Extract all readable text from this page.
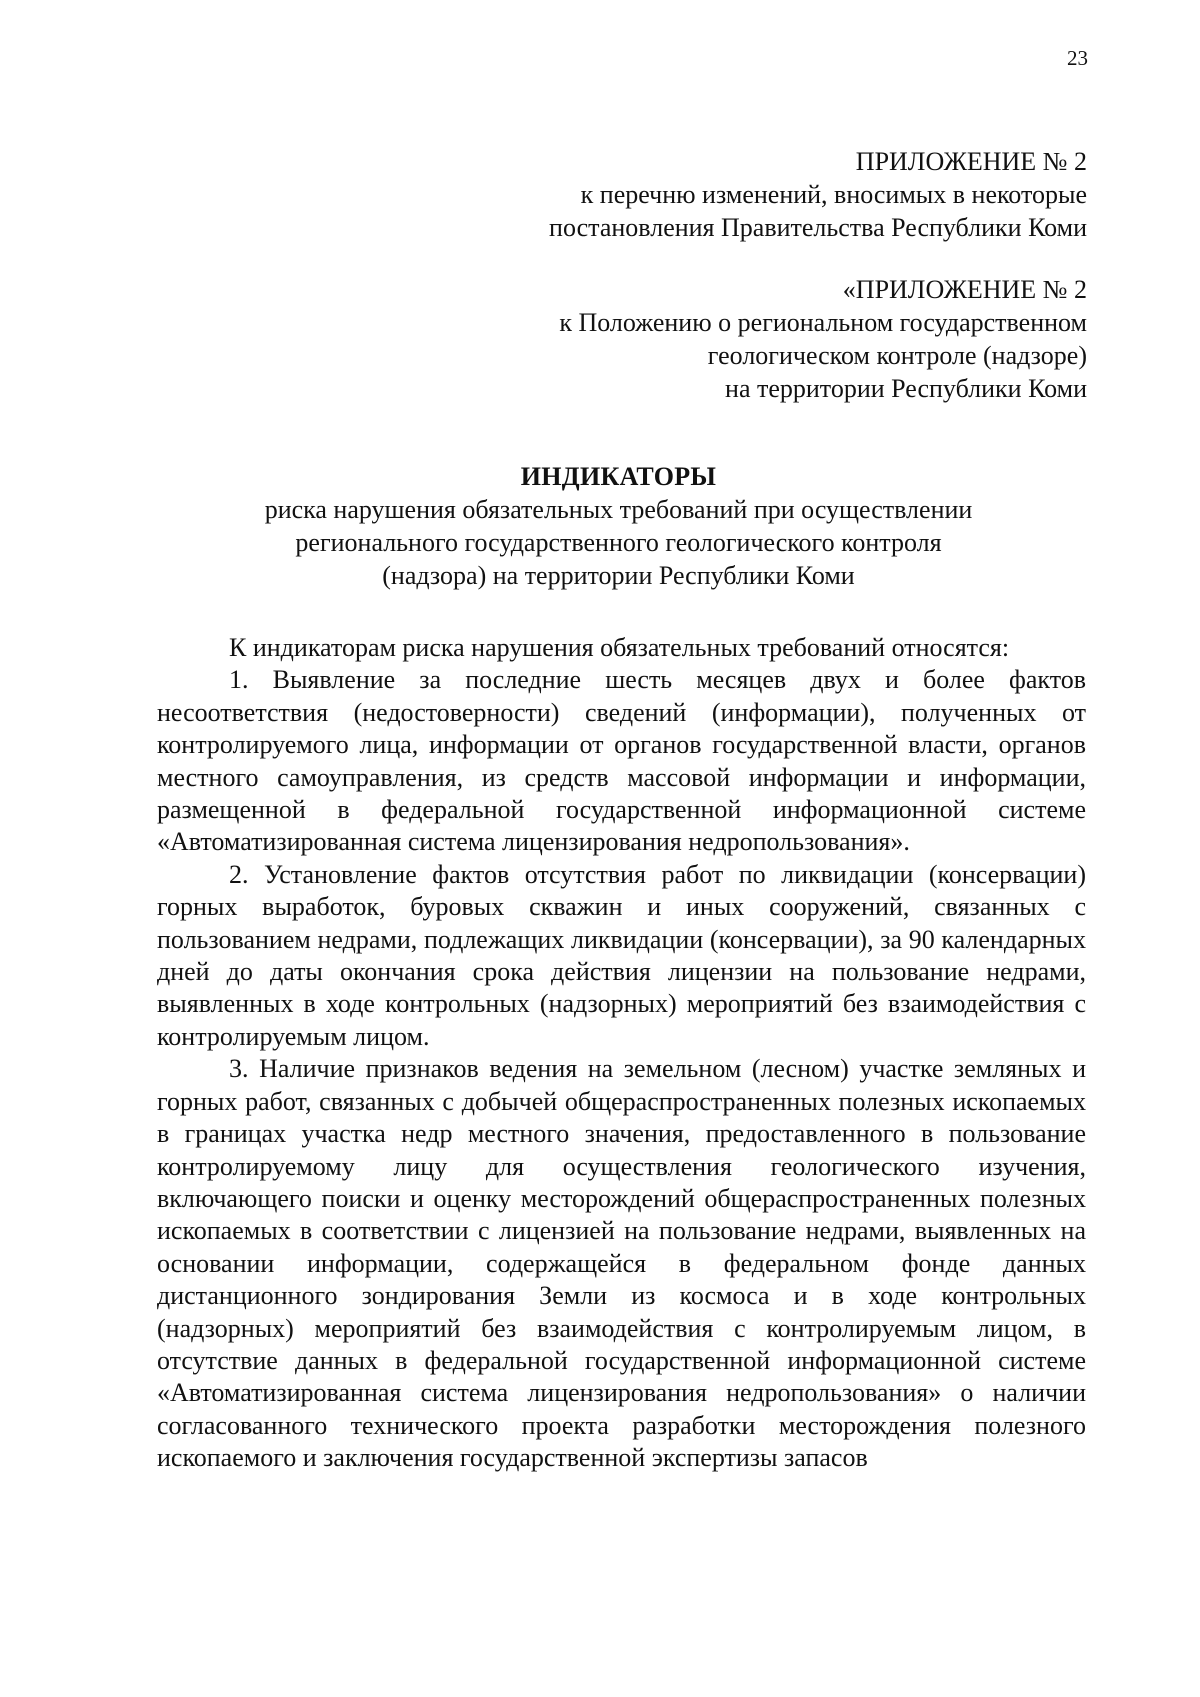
23
ПРИЛОЖЕНИЕ № 2
к перечню изменений, вносимых в некоторые
постановления Правительства Республики Коми
«ПРИЛОЖЕНИЕ № 2
к Положению о региональном государственном
геологическом контроле (надзоре)
на территории Республики Коми
ИНДИКАТОРЫ
риска нарушения обязательных требований при осуществлении
регионального государственного геологического контроля
(надзора) на территории Республики Коми

К индикаторам риска нарушения обязательных требований относятся:

1. Выявление за последние шесть месяцев двух и более фактов несоответствия (недостоверности) сведений (информации), полученных от контролируемого лица, информации от органов государственной власти, органов местного самоуправления, из средств массовой информации и информации, размещенной в федеральной государственной информационной системе «Автоматизированная система лицензирования недропользования».

2. Установление фактов отсутствия работ по ликвидации (консервации) горных выработок, буровых скважин и иных сооружений, связанных с пользованием недрами, подлежащих ликвидации (консервации), за 90 календарных дней до даты окончания срока действия лицензии на пользование недрами, выявленных в ходе контрольных (надзорных) мероприятий без взаимодействия с контролируемым лицом.

3. Наличие признаков ведения на земельном (лесном) участке земляных и горных работ, связанных с добычей общераспространенных полезных ископаемых в границах участка недр местного значения, предоставленного в пользование контролируемому лицу для осуществления геологического изучения, включающего поиски и оценку месторождений общераспространенных полезных ископаемых в соответствии с лицензией на пользование недрами, выявленных на основании информации, содержащейся в федеральном фонде данных дистанционного зондирования Земли из космоса и в ходе контрольных (надзорных) мероприятий без взаимодействия с контролируемым лицом, в отсутствие данных в федеральной государственной информационной системе «Автоматизированная система лицензирования недропользования» о наличии согласованного технического проекта разработки месторождения полезного ископаемого и заключения государственной экспертизы запасов
